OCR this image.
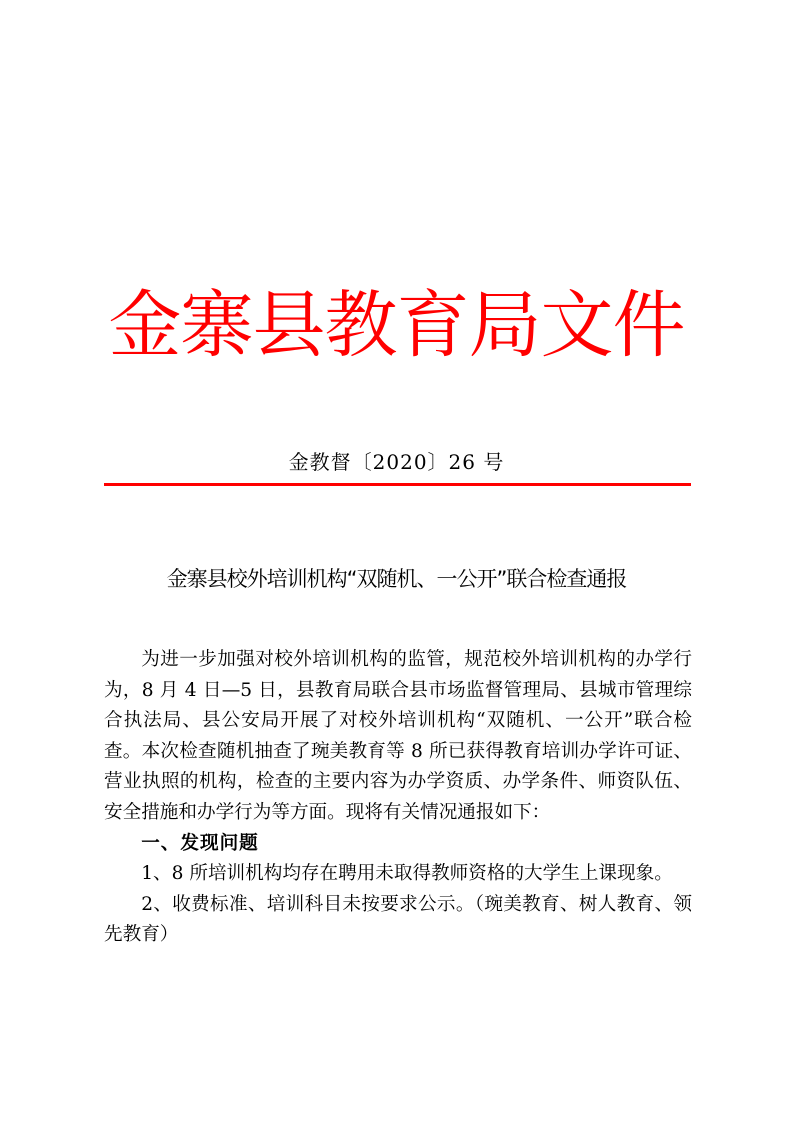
金寨县教育局文件
金教督〔2020〕26 号
金寨县校外培训机构“双随机、一公开”联合检查通报

为进一步加强对校外培训机构的监管，规范校外培训机构的办学行为，8 月 4 日—5 日，县教育局联合县市场监督管理局、县城市管理综合执法局、县公安局开展了对校外培训机构“双随机、一公开”联合检查。本次检查随机抽查了琬美教育等 8 所已获得教育培训办学许可证、营业执照的机构，检查的主要内容为办学资质、办学条件、师资队伍、安全措施和办学行为等方面。现将有关情况通报如下：

一、发现问题

1、8 所培训机构均存在聘用未取得教师资格的大学生上课现象。

2、收费标准、培训科目未按要求公示。（琬美教育、树人教育、领先教育）
